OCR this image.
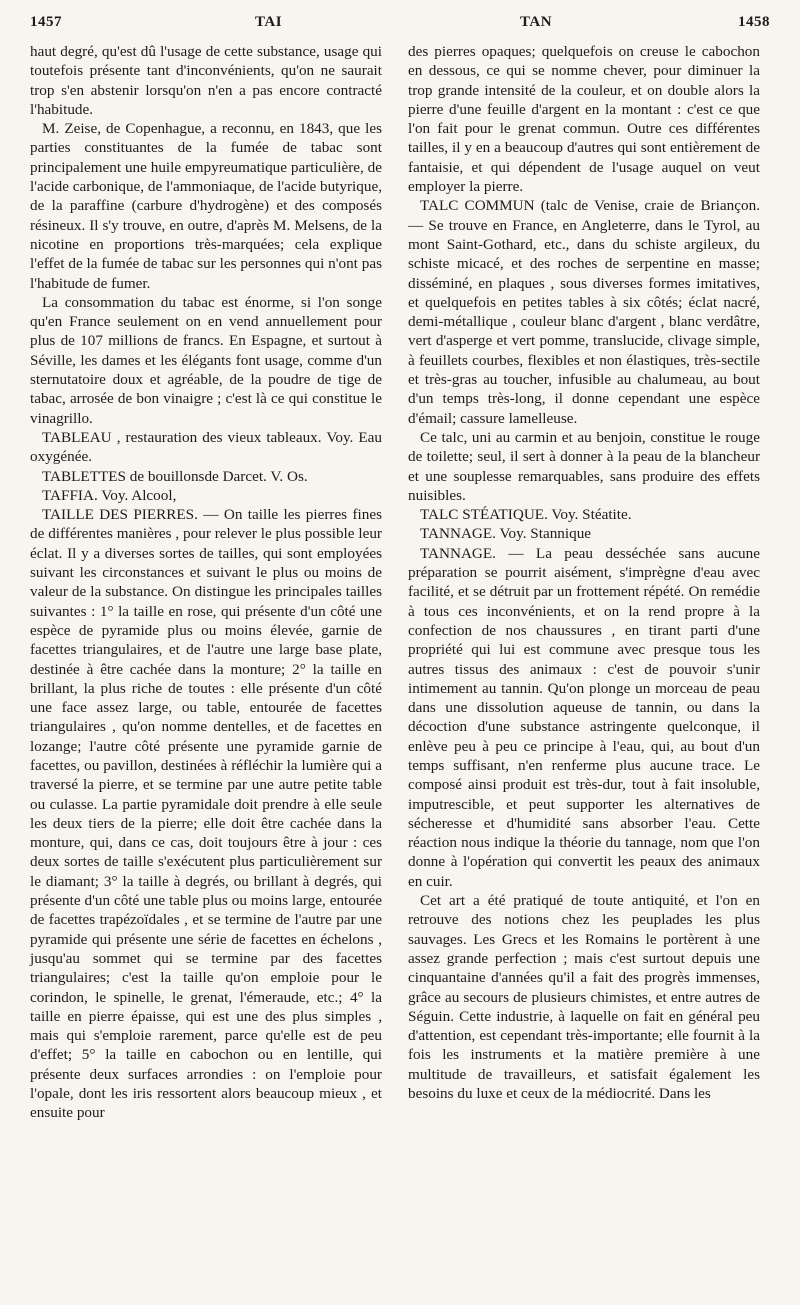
1457	TAI	TAN	1458

haut degré, qu'est dû l'usage de cette substance, usage qui toutefois présente tant d'inconvénients, qu'on ne saurait trop s'en abstenir lorsqu'on n'en a pas encore contracté l'habitude.

M. Zeise, de Copenhague, a reconnu, en 1843, que les parties constituantes de la fumée de tabac sont principalement une huile empyreumatique particulière, de l'acide carbonique, de l'ammoniaque, de l'acide butyrique, de la paraffine (carbure d'hydrogène) et des composés résineux. Il s'y trouve, en outre, d'après M. Melsens, de la nicotine en proportions très-marquées; cela explique l'effet de la fumée de tabac sur les personnes qui n'ont pas l'habitude de fumer.

La consommation du tabac est énorme, si l'on songe qu'en France seulement on en vend annuellement pour plus de 107 millions de francs. En Espagne, et surtout à Séville, les dames et les élégants font usage, comme d'un sternutatoire doux et agréable, de la poudre de tige de tabac, arrosée de bon vinaigre ; c'est là ce qui constitue le vinagrillo.

TABLEAU , restauration des vieux tableaux. Voy. Eau oxygénée.

TABLETTES de bouillonsde Darcet. V. Os.

TAFFIA. Voy. Alcool,

TAILLE DES PIERRES. — On taille les pierres fines de différentes manières , pour relever le plus possible leur éclat. Il y a diverses sortes de tailles, qui sont employées suivant les circonstances et suivant le plus ou moins de valeur de la substance. On distingue les principales tailles suivantes : 1° la taille en rose, qui présente d'un côté une espèce de pyramide plus ou moins élevée, garnie de facettes triangulaires, et de l'autre une large base plate, destinée à être cachée dans la monture; 2° la taille en brillant, la plus riche de toutes : elle présente d'un côté une face assez large, ou table, entourée de facettes triangulaires , qu'on nomme dentelles, et de facettes en lozange; l'autre côté présente une pyramide garnie de facettes, ou pavillon, destinées à réfléchir la lumière qui a traversé la pierre, et se termine par une autre petite table ou culasse. La partie pyramidale doit prendre à elle seule les deux tiers de la pierre; elle doit être cachée dans la monture, qui, dans ce cas, doit toujours être à jour : ces deux sortes de taille s'exécutent plus particulièrement sur le diamant; 3° la taille à degrés, ou brillant à degrés, qui présente d'un côté une table plus ou moins large, entourée de facettes trapézoïdales , et se termine de l'autre par une pyramide qui présente une série de facettes en échelons , jusqu'au sommet qui se termine par des facettes triangulaires; c'est la taille qu'on emploie pour le corindon, le spinelle, le grenat, l'émeraude, etc.; 4° la taille en pierre épaisse, qui est une des plus simples , mais qui s'emploie rarement, parce qu'elle est de peu d'effet; 5° la taille en cabochon ou en lentille, qui présente deux surfaces arrondies : on l'emploie pour l'opale, dont les iris ressortent alors beaucoup mieux , et ensuite pour

des pierres opaques; quelquefois on creuse le cabochon en dessous, ce qui se nomme chever, pour diminuer la trop grande intensité de la couleur, et on double alors la pierre d'une feuille d'argent en la montant : c'est ce que l'on fait pour le grenat commun. Outre ces différentes tailles, il y en a beaucoup d'autres qui sont entièrement de fantaisie, et qui dépendent de l'usage auquel on veut employer la pierre.

TALC COMMUN (talc de Venise, craie de Briançon. — Se trouve en France, en Angleterre, dans le Tyrol, au mont Saint-Gothard, etc., dans du schiste argileux, du schiste micacé, et des roches de serpentine en masse; disséminé, en plaques , sous diverses formes imitatives, et quelquefois en petites tables à six côtés; éclat nacré, demi-métallique , couleur blanc d'argent , blanc verdâtre, vert d'asperge et vert pomme, translucide, clivage simple, à feuillets courbes, flexibles et non élastiques, très-sectile et très-gras au toucher, infusible au chalumeau, au bout d'un temps très-long, il donne cependant une espèce d'émail; cassure lamelleuse.

Ce talc, uni au carmin et au benjoin, constitue le rouge de toilette; seul, il sert à donner à la peau de la blancheur et une souplesse remarquables, sans produire des effets nuisibles.

TALC STÉATIQUE. Voy. Stéatite.

TANNAGE. Voy. Stannique

TANNAGE. — La peau desséchée sans aucune préparation se pourrit aisément, s'imprègne d'eau avec facilité, et se détruit par un frottement répété. On remédie à tous ces inconvénients, et on la rend propre à la confection de nos chaussures , en tirant parti d'une propriété qui lui est commune avec presque tous les autres tissus des animaux : c'est de pouvoir s'unir intimement au tannin. Qu'on plonge un morceau de peau dans une dissolution aqueuse de tannin, ou dans la décoction d'une substance astringente quelconque, il enlève peu à peu ce principe à l'eau, qui, au bout d'un temps suffisant, n'en renferme plus aucune trace. Le composé ainsi produit est très-dur, tout à fait insoluble, imputrescible, et peut supporter les alternatives de sécheresse et d'humidité sans absorber l'eau. Cette réaction nous indique la théorie du tannage, nom que l'on donne à l'opération qui convertit les peaux des animaux en cuir.

Cet art a été pratiqué de toute antiquité, et l'on en retrouve des notions chez les peuplades les plus sauvages. Les Grecs et les Romains le portèrent à une assez grande perfection ; mais c'est surtout depuis une cinquantaine d'années qu'il a fait des progrès immenses, grâce au secours de plusieurs chimistes, et entre autres de Séguin. Cette industrie, à laquelle on fait en général peu d'attention, est cependant très-importante; elle fournit à la fois les instruments et la matière première à une multitude de travailleurs, et satisfait également les besoins du luxe et ceux de la médiocrité. Dans les
